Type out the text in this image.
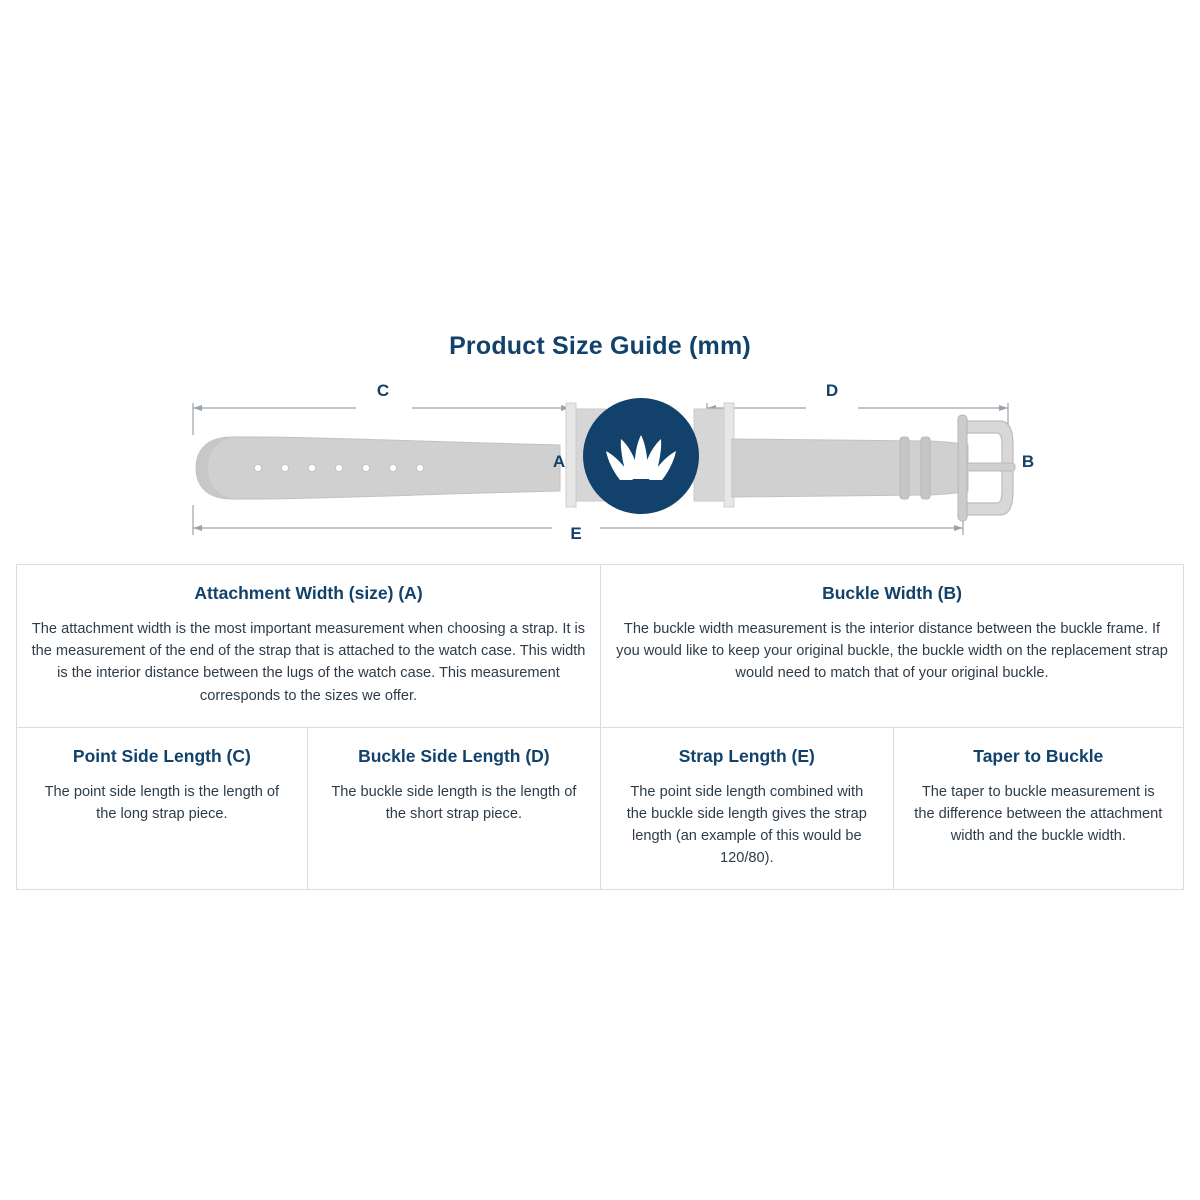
Product Size Guide (mm)
C	D
E
A	B
Attachment Width (size) (A)

The attachment width is the most important measurement when choosing a strap. It is the measurement of the end of the strap that is attached to the watch case. This width is the interior distance between the lugs of the watch case. This measurement corresponds to the sizes we offer.

Buckle Width (B)

The buckle width measurement is the interior distance between the buckle frame. If you would like to keep your original buckle, the buckle width on the replacement strap would need to match that of your original buckle.

Point Side Length (C)

The point side length is the length of the long strap piece.

Buckle Side Length (D)

The buckle side length is the length of the short strap piece.

Strap Length (E)

The point side length combined with the buckle side length gives the strap length (an example of this would be 120/80).

Taper to Buckle

The taper to buckle measurement is the difference between the attachment width and the buckle width.
